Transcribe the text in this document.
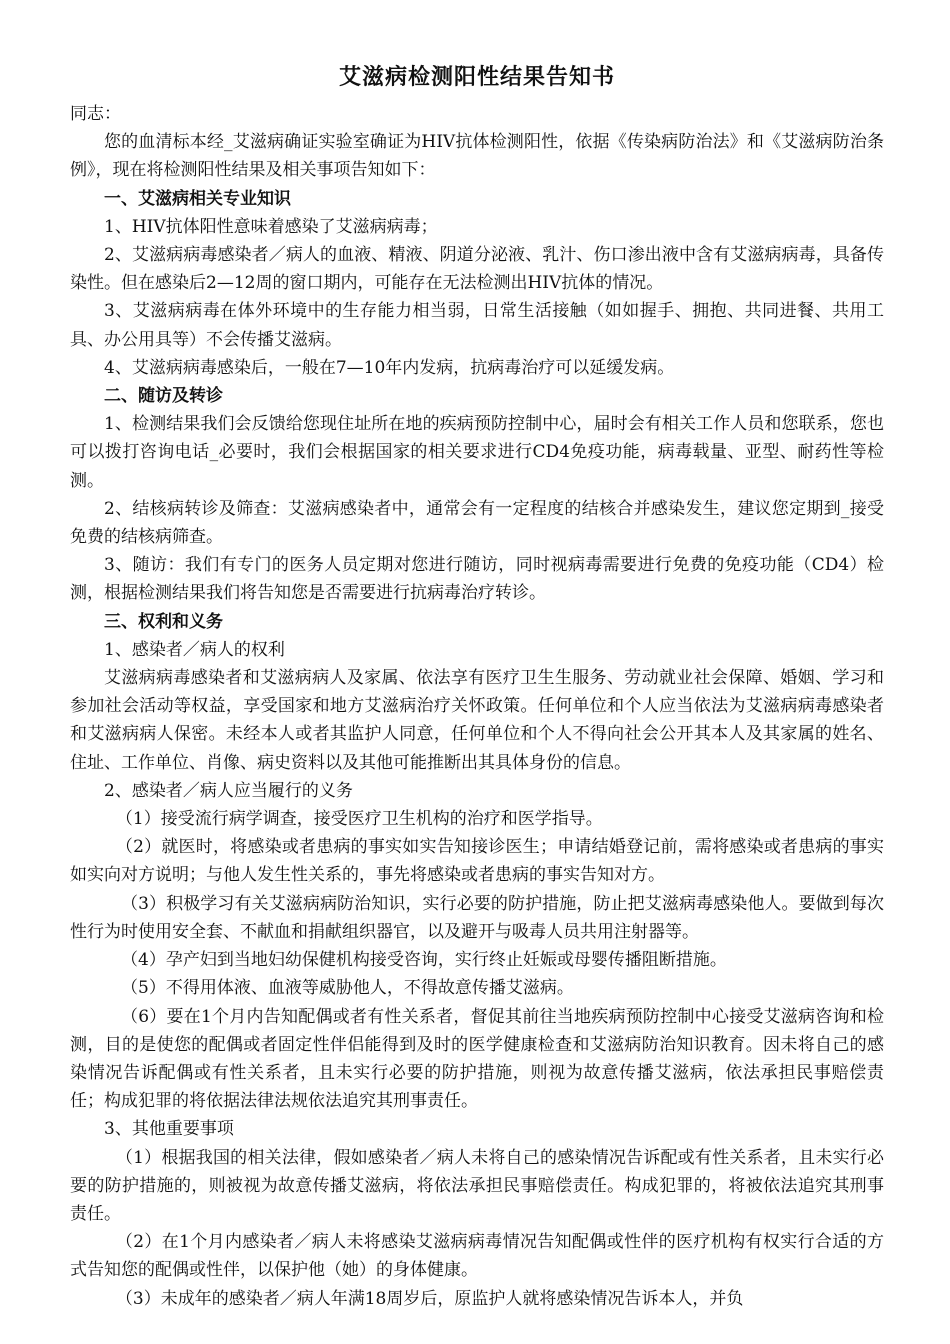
艾滋病检测阳性结果告知书

同志：

您的血清标本经_艾滋病确证实验室确证为HIV抗体检测阳性，依据《传染病防治法》和《艾滋病防治条例》，现在将检测阳性结果及相关事项告知如下：

一、艾滋病相关专业知识

1、HIV抗体阳性意味着感染了艾滋病病毒；

2、艾滋病病毒感染者／病人的血液、精液、阴道分泌液、乳汁、伤口渗出液中含有艾滋病病毒，具备传染性。但在感染后2—12周的窗口期内，可能存在无法检测出HIV抗体的情况。

3、艾滋病病毒在体外环境中的生存能力相当弱，日常生活接触（如如握手、拥抱、共同进餐、共用工具、办公用具等）不会传播艾滋病。

4、艾滋病病毒感染后，一般在7—10年内发病，抗病毒治疗可以延缓发病。

二、随访及转诊

1、检测结果我们会反馈给您现住址所在地的疾病预防控制中心，届时会有相关工作人员和您联系，您也可以拨打咨询电话_必要时，我们会根据国家的相关要求进行CD4免疫功能，病毒载量、亚型、耐药性等检测。

2、结核病转诊及筛查：艾滋病感染者中，通常会有一定程度的结核合并感染发生，建议您定期到_接受免费的结核病筛查。

3、随访：我们有专门的医务人员定期对您进行随访，同时视病毒需要进行免费的免疫功能（CD4）检测，根据检测结果我们将告知您是否需要进行抗病毒治疗转诊。

三、权利和义务

1、感染者／病人的权利

艾滋病病毒感染者和艾滋病病人及家属、依法享有医疗卫生生服务、劳动就业社会保障、婚姻、学习和参加社会活动等权益，享受国家和地方艾滋病治疗关怀政策。任何单位和个人应当依法为艾滋病病毒感染者和艾滋病病人保密。未经本人或者其监护人同意，任何单位和个人不得向社会公开其本人及其家属的姓名、住址、工作单位、肖像、病史资料以及其他可能推断出其具体身份的信息。

2、感染者／病人应当履行的义务

（1）接受流行病学调查，接受医疗卫生机构的治疗和医学指导。

（2）就医时，将感染或者患病的事实如实告知接诊医生；申请结婚登记前，需将感染或者患病的事实如实向对方说明；与他人发生性关系的，事先将感染或者患病的事实告知对方。

（3）积极学习有关艾滋病病防治知识，实行必要的防护措施，防止把艾滋病毒感染他人。要做到每次性行为时使用安全套、不献血和捐献组织器官，以及避开与吸毒人员共用注射器等。

（4）孕产妇到当地妇幼保健机构接受咨询，实行终止妊娠或母婴传播阻断措施。

（5）不得用体液、血液等威胁他人，不得故意传播艾滋病。

（6）要在1个月内告知配偶或者有性关系者，督促其前往当地疾病预防控制中心接受艾滋病咨询和检测，目的是使您的配偶或者固定性伴侣能得到及时的医学健康检查和艾滋病防治知识教育。因未将自己的感染情况告诉配偶或有性关系者，且未实行必要的防护措施，则视为故意传播艾滋病，依法承担民事赔偿责任；构成犯罪的将依据法律法规依法追究其刑事责任。

3、其他重要事项

（1）根据我国的相关法律，假如感染者／病人未将自己的感染情况告诉配或有性关系者，且未实行必要的防护措施的，则被视为故意传播艾滋病，将依法承担民事赔偿责任。构成犯罪的，将被依法追究其刑事责任。

（2）在1个月内感染者／病人未将感染艾滋病病毒情况告知配偶或性伴的医疗机构有权实行合适的方式告知您的配偶或性伴，以保护他（她）的身体健康。

（3）未成年的感染者／病人年满18周岁后，原监护人就将感染情况告诉本人，并负
